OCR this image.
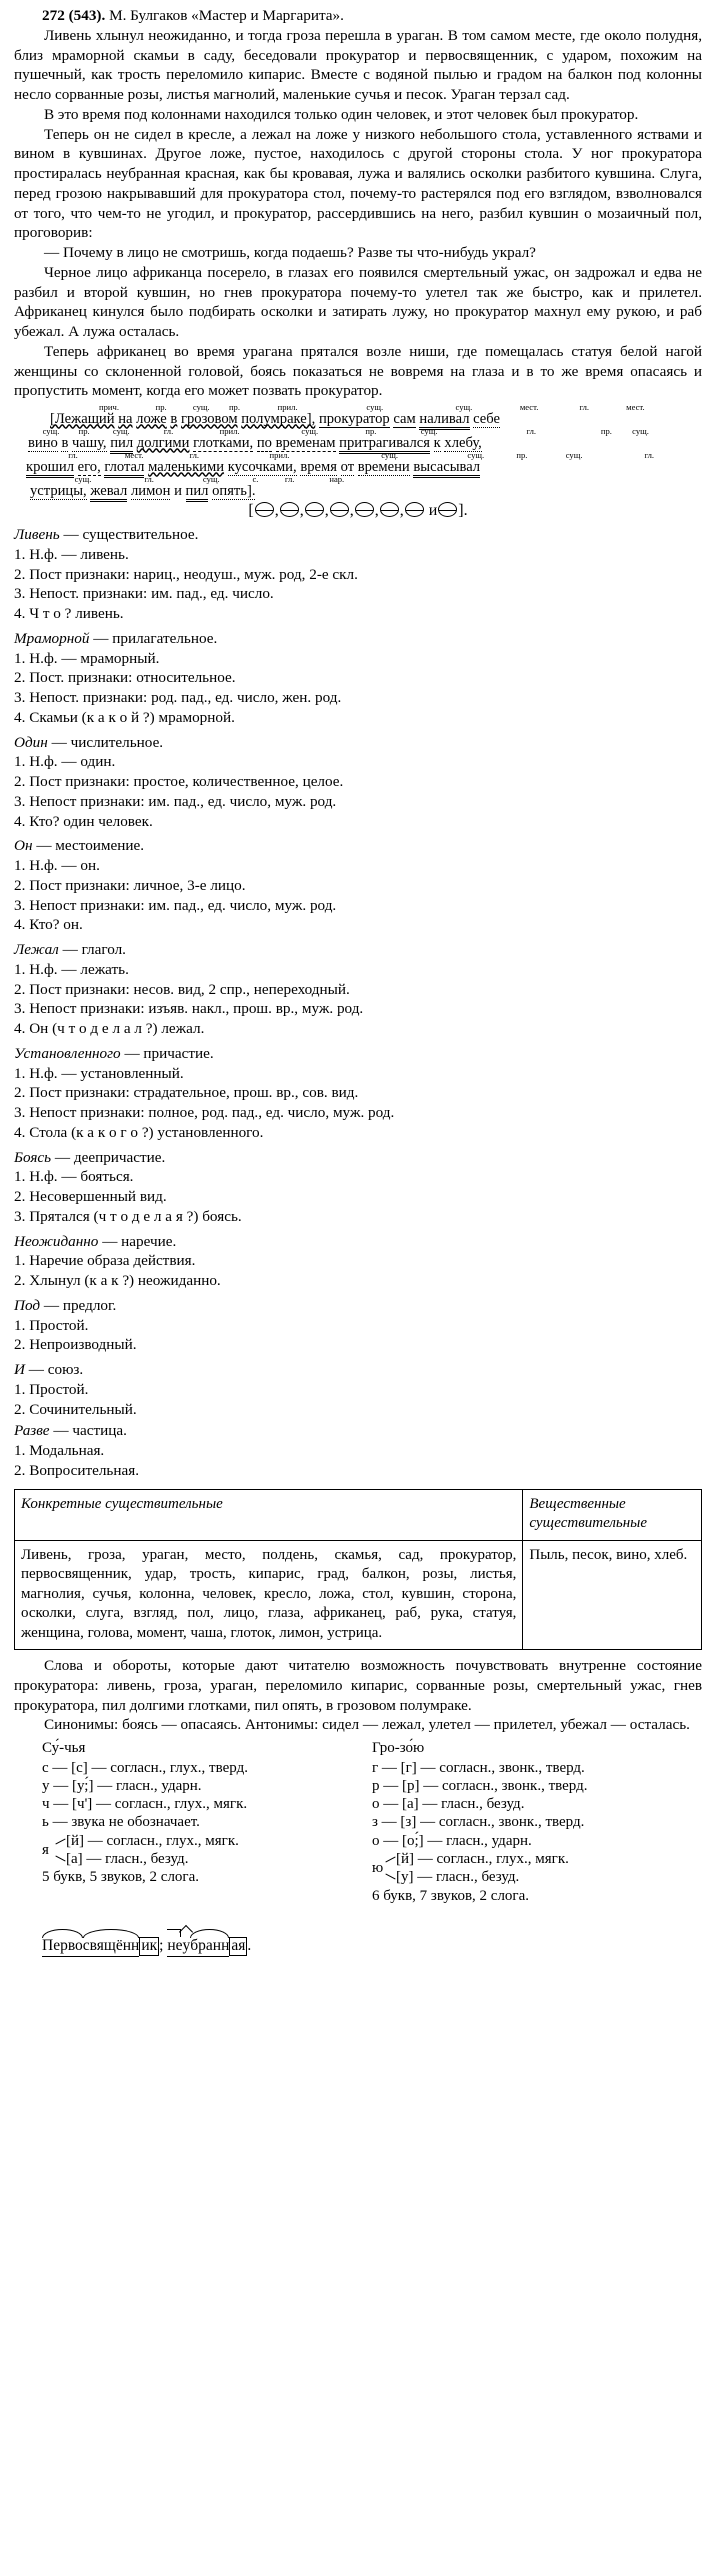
272 (543). М. Булгаков «Мастер и Маргарита».

Ливень хлынул неожиданно, и тогда гроза перешла в ураган. В том самом месте, где около полудня, близ мраморной скамьи в саду, беседовали прокуратор и первосвященник, с ударом, похожим на пушечный, как трость переломило кипарис. Вместе с водяной пылью и градом на балкон под колонны несло сорванные розы, листья магнолий, маленькие сучья и песок. Ураган терзал сад.

В это время под колоннами находился только один человек, и этот человек был прокуратор.

Теперь он не сидел в кресле, а лежал на ложе у низкого небольшого стола, уставленного яствами и вином в кувшинах. Другое ложе, пустое, находилось с другой стороны стола. У ног прокуратора простиралась неубранная красная, как бы кровавая, лужа и валялись осколки разбитого кувшина. Слуга, перед грозою накрывавший для прокуратора стол, почему-то растерялся под его взглядом, взволновался от того, что чем-то не угодил, и прокуратор, рассердившись на него, разбил кувшин о мозаичный пол, проговорив:

— Почему в лицо не смотришь, когда подаешь? Разве ты что-нибудь украл?

Черное лицо африканца посерело, в глазах его появился смертельный ужас, он задрожал и едва не разбил и второй кувшин, но гнев прокуратора почему-то улетел так же быстро, как и прилетел. Африканец кинулся было подбирать осколки и затирать лужу, но прокуратор махнул ему рукою, и раб убежал. А лужа осталась.

Теперь африканец во время урагана прятался возле ниши, где помещалась статуя белой нагой женщины со склоненной головой, боясь показаться не вовремя на глаза и в то же время опасаясь и пропустить момент, когда его может позвать прокуратор.

прич.	пр.	сущ. пр.	прил.	сущ.	сущ.	мест.	гл.	мест.
[Лежащий на ложе в грозовом полумраке], прокуратор сам наливал себе
сущ. пр.	сущ.	гл.	прил.	сущ.	пр.	сущ.	гл.	пр. сущ.
вино в чашу, пил долгими глотками, по временам притрагивался к хлебу,
гл.	мест.	гл.	прил.	сущ.	сущ.	пр.	сущ.	гл.
крошил его, глотал маленькими кусочками, время от времени высасывал
сущ.	гл.	сущ.	с.	гл.	нар.
устрицы, жевал лимон и пил опять].
[ , , , , , , и ].

Ливень — существительное.

1. Н.ф. — ливень.

2. Пост признаки: нариц., неодуш., муж. род, 2-е скл.

3. Непост. признаки: им. пад., ед. число.

4. Ч т о ? ливень.

Мраморной — прилагательное.

1. Н.ф. — мраморный.

2. Пост. признаки: относительное.

3. Непост. признаки: род. пад., ед. число, жен. род.

4. Скамьи (к а к о й ?) мраморной.

Один — числительное.

1. Н.ф. — один.

2. Пост признаки: простое, количественное, целое.

3. Непост признаки: им. пад., ед. число, муж. род.

4. Кто? один человек.

Он — местоимение.

1. Н.ф. — он.

2. Пост признаки: личное, 3-е лицо.

3. Непост признаки: им. пад., ед. число, муж. род.

4. Кто? он.

Лежал — глагол.

1. Н.ф. — лежать.

2. Пост признаки: несов. вид, 2 спр., непереходный.

3. Непост признаки: изъяв. накл., прош. вр., муж. род.

4. Он (ч т о д е л а л ?) лежал.

Установленного — причастие.

1. Н.ф. — установленный.

2. Пост признаки: страдательное, прош. вр., сов. вид.

3. Непост признаки: полное, род. пад., ед. число, муж. род.

4. Стола (к а к о г о ?) установленного.

Боясь — деепричастие.

1. Н.ф. — бояться.

2. Несовершенный вид.

3. Прятался (ч т о д е л а я ?) боясь.

Неожиданно — наречие.

1. Наречие образа действия.

2. Хлынул (к а к ?) неожиданно.

Под — предлог.

1. Простой.

2. Непроизводный.

И — союз.

1. Простой.

2. Сочинительный.

Разве — частица.

1. Модальная.

2. Вопросительная.

Конкретные существительные	Вещественные существительные
Ливень, гроза, ураган, место, полдень, скамья, сад, прокуратор, первосвященник, удар, трость, кипарис, град, балкон, розы, листья, магнолия, сучья, колонна, человек, кресло, ложа, стол, кувшин, сторона, осколки, слуга, взгляд, пол, лицо, глаза, африканец, раб, рука, статуя, женщина, голова, момент, чаша, глоток, лимон, устрица.	Пыль, песок, вино, хлеб.

Слова и обороты, которые дают читателю возможность почувствовать внутренне состояние прокуратора: ливень, гроза, ураган, переломило кипарис, сорванные розы, смертельный ужас, гнев прокуратора, пил долгими глотками, пил опять, в грозовом полумраке.

Синонимы: боясь — опасаясь. Антонимы: сидел — лежал, улетел — прилетел, убежал — осталась.

Су́-чья
с — [с] — согласн., глух., тверд.
у — [у;́] — гласн., ударн.
ч — [ч'] — согласн., глух., мягк.
ь — звука не обозначает.
я
[й] — согласн., глух., мягк.
[а] — гласн., безуд.
5 букв, 5 звуков, 2 слога.
Гро-зо́ю
г — [г] — согласн., звонк., тверд.
р — [р] — согласн., звонк., тверд.
о — [а] — гласн., безуд.
з — [з] — согласн., звонк., тверд.
о — [о;́] — гласн., ударн.
ю
[й] — согласн., глух., мягк.
[у] — гласн., безуд.
6 букв, 7 звуков, 2 слога.
Первосвящённ ик ; неубранн ая .
